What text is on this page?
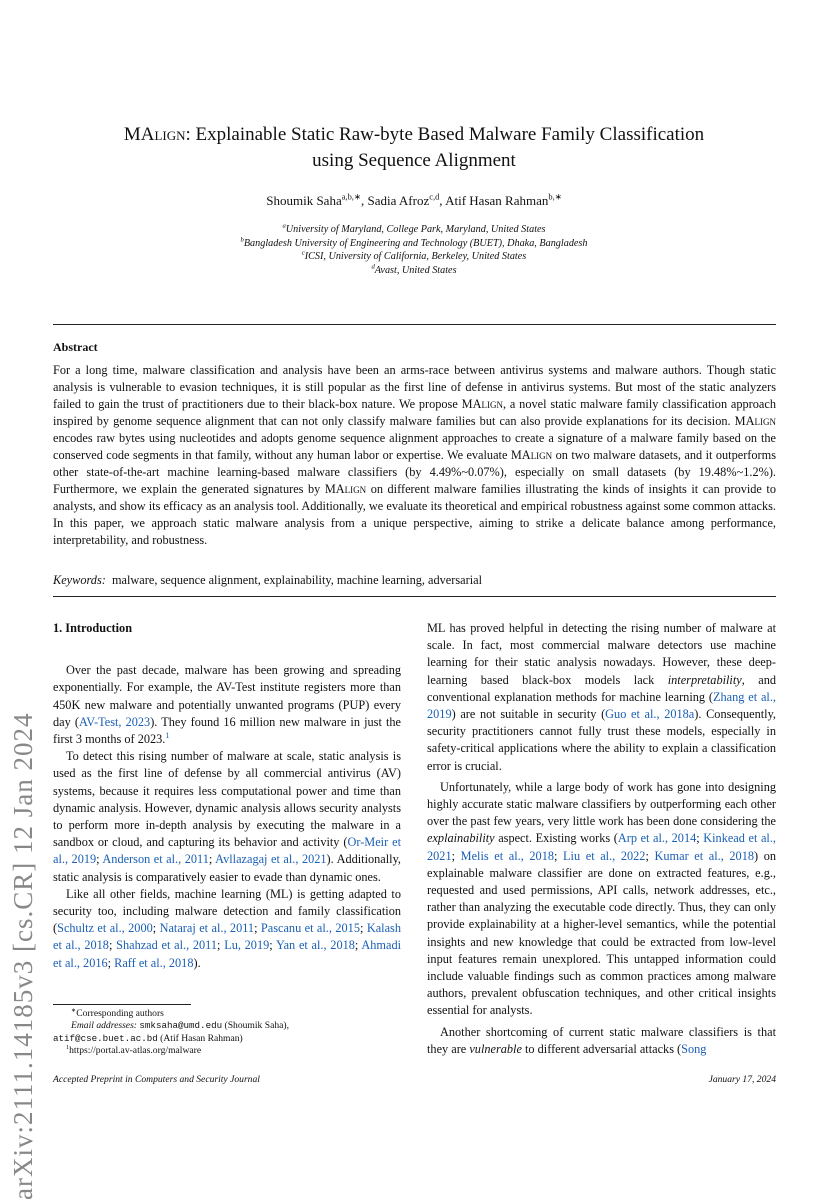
arXiv:2111.14185v3 [cs.CR] 12 Jan 2024
MAlign: Explainable Static Raw-byte Based Malware Family Classification
using Sequence Alignment
Shoumik Saha$^{a,b,∗}$, Sadia Afroz$^{c,d}$, Atif Hasan Rahman$^{b,∗}$
$^a$University of Maryland, College Park, Maryland, United States
$^b$Bangladesh University of Engineering and Technology (BUET), Dhaka, Bangladesh
$^c$ICSI, University of California, Berkeley, United States
$^d$Avast, United States
Abstract
For a long time, malware classification and analysis have been an arms-race between antivirus systems and malware authors. Though static analysis is vulnerable to evasion techniques, it is still popular as the first line of defense in antivirus systems. But most of the static analyzers failed to gain the trust of practitioners due to their black-box nature. We propose MAlign, a novel static malware family classification approach inspired by genome sequence alignment that can not only classify malware families but can also provide explanations for its decision. MAlign encodes raw bytes using nucleotides and adopts genome sequence alignment approaches to create a signature of a malware family based on the conserved code segments in that family, without any human labor or expertise. We evaluate MAlign on two malware datasets, and it outperforms other state-of-the-art machine learning-based malware classifiers (by 4.49%~0.07%), especially on small datasets (by 19.48%~1.2%). Furthermore, we explain the generated signatures by MAlign on different malware families illustrating the kinds of insights it can provide to analysts, and show its efficacy as an analysis tool. Additionally, we evaluate its theoretical and empirical robustness against some common attacks. In this paper, we approach static malware analysis from a unique perspective, aiming to strike a delicate balance among performance, interpretability, and robustness.
Keywords: malware, sequence alignment, explainability, machine learning, adversarial
1. Introduction

Over the past decade, malware has been growing and spreading exponentially. For example, the AV-Test institute registers more than 450K new malware and potentially unwanted programs (PUP) every day (AV-Test, 2023). They found 16 million new malware in just the first 3 months of 2023.$^1$

To detect this rising number of malware at scale, static analysis is used as the first line of defense by all commercial antivirus (AV) systems, because it requires less computational power and time than dynamic analysis. However, dynamic analysis allows security analysts to perform more in-depth analysis by executing the malware in a sandbox or cloud, and capturing its behavior and activity (Or-Meir et al., 2019; Anderson et al., 2011; Avllazagaj et al., 2021). Additionally, static analysis is comparatively easier to evade than dynamic ones.

Like all other fields, machine learning (ML) is getting adapted to security too, including malware detection and family classification (Schultz et al., 2000; Nataraj et al., 2011; Pascanu et al., 2015; Kalash et al., 2018; Shahzad et al., 2011; Lu, 2019; Yan et al., 2018; Ahmadi et al., 2016; Raff et al., 2018).

ML has proved helpful in detecting the rising number of malware at scale. In fact, most commercial malware detectors use machine learning for their static analysis nowadays. However, these deep-learning based black-box models lack interpretability, and conventional explanation methods for machine learning (Zhang et al., 2019) are not suitable in security (Guo et al., 2018a). Consequently, security practitioners cannot fully trust these models, especially in safety-critical applications where the ability to explain a classification error is crucial.

Unfortunately, while a large body of work has gone into designing highly accurate static malware classifiers by outperforming each other over the past few years, very little work has been done considering the explainability aspect. Existing works (Arp et al., 2014; Kinkead et al., 2021; Melis et al., 2018; Liu et al., 2022; Kumar et al., 2018) on explainable malware classifier are done on extracted features, e.g., requested and used permissions, API calls, network addresses, etc., rather than analyzing the executable code directly. Thus, they can only provide explainability at a higher-level semantics, while the potential insights and new knowledge that could be extracted from low-level input features remain unexplored. This untapped information could include valuable findings such as common practices among malware authors, prevalent obfuscation techniques, and other critical insights essential for analysts.

Another shortcoming of current static malware classifiers is that they are vulnerable to different adversarial attacks (Song

∗Corresponding authors
Email addresses: smksaha@umd.edu (Shoumik Saha),
atif@cse.buet.ac.bd (Atif Hasan Rahman)
$^1$https://portal.av-atlas.org/malware
Accepted Preprint in Computers and Security Journal	January 17, 2024
